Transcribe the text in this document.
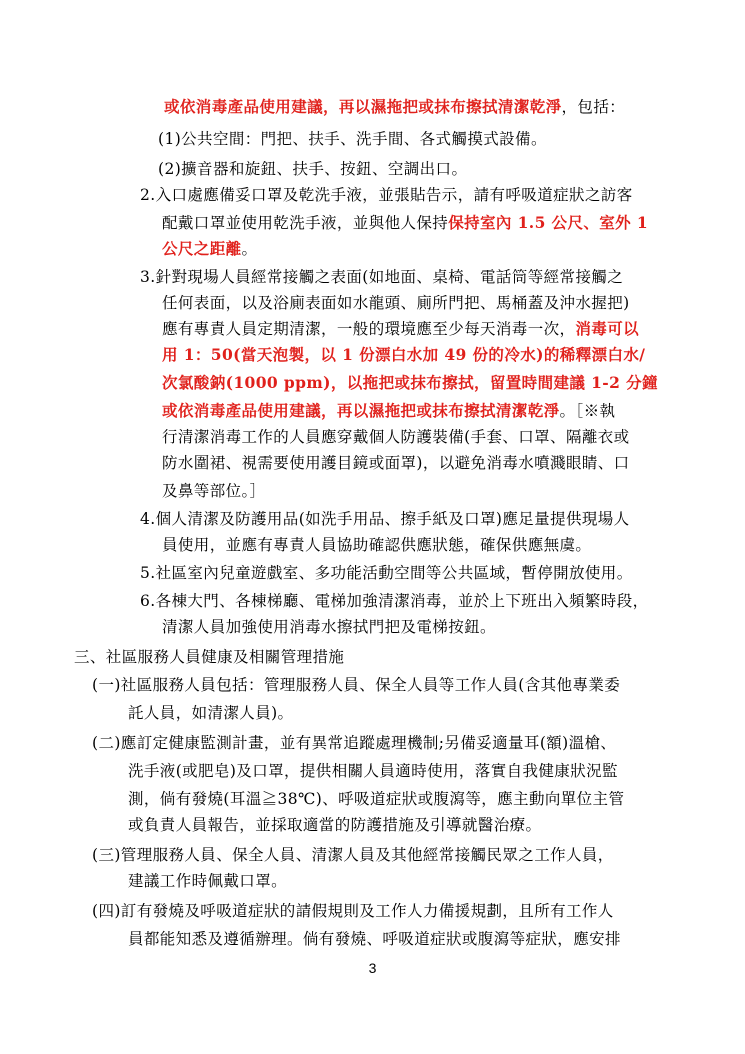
或依消毒產品使用建議，再以濕拖把或抹布擦拭清潔乾淨，包括：
(1)公共空間：門把、扶手、洗手間、各式觸摸式設備。
(2)擴音器和旋鈕、扶手、按鈕、空調出口。
2.入口處應備妥口罩及乾洗手液，並張貼告示，請有呼吸道症狀之訪客
配戴口罩並使用乾洗手液，並與他人保持保持室內 1.5 公尺、室外 1
公尺之距離。
3.針對現場人員經常接觸之表面(如地面、桌椅、電話筒等經常接觸之
任何表面，以及浴廁表面如水龍頭、廁所門把、馬桶蓋及沖水握把)
應有專責人員定期清潔，一般的環境應至少每天消毒一次，消毒可以
用 1：50(當天泡製，以 1 份漂白水加 49 份的冷水)的稀釋漂白水/
次氯酸鈉(1000 ppm)，以拖把或抹布擦拭，留置時間建議 1-2 分鐘
或依消毒產品使用建議，再以濕拖把或抹布擦拭清潔乾淨。［※執
行清潔消毒工作的人員應穿戴個人防護裝備(手套、口罩、隔離衣或
防水圍裙、視需要使用護目鏡或面罩)，以避免消毒水噴濺眼睛、口
及鼻等部位。］
4.個人清潔及防護用品(如洗手用品、擦手紙及口罩)應足量提供現場人
員使用，並應有專責人員協助確認供應狀態，確保供應無虞。
5.社區室內兒童遊戲室、多功能活動空間等公共區域，暫停開放使用。
6.各棟大門、各棟梯廳、電梯加強清潔消毒，並於上下班出入頻繁時段，
清潔人員加強使用消毒水擦拭門把及電梯按鈕。
三、社區服務人員健康及相關管理措施
(一)社區服務人員包括：管理服務人員、保全人員等工作人員(含其他專業委
託人員，如清潔人員)。
(二)應訂定健康監測計畫，並有異常追蹤處理機制;另備妥適量耳(額)溫槍、
洗手液(或肥皂)及口罩，提供相關人員適時使用，落實自我健康狀況監
測，倘有發燒(耳溫≧38℃)、呼吸道症狀或腹瀉等，應主動向單位主管
或負責人員報告，並採取適當的防護措施及引導就醫治療。
(三)管理服務人員、保全人員、清潔人員及其他經常接觸民眾之工作人員，
建議工作時佩戴口罩。
(四)訂有發燒及呼吸道症狀的請假規則及工作人力備援規劃，且所有工作人
員都能知悉及遵循辦理。倘有發燒、呼吸道症狀或腹瀉等症狀，應安排
3
